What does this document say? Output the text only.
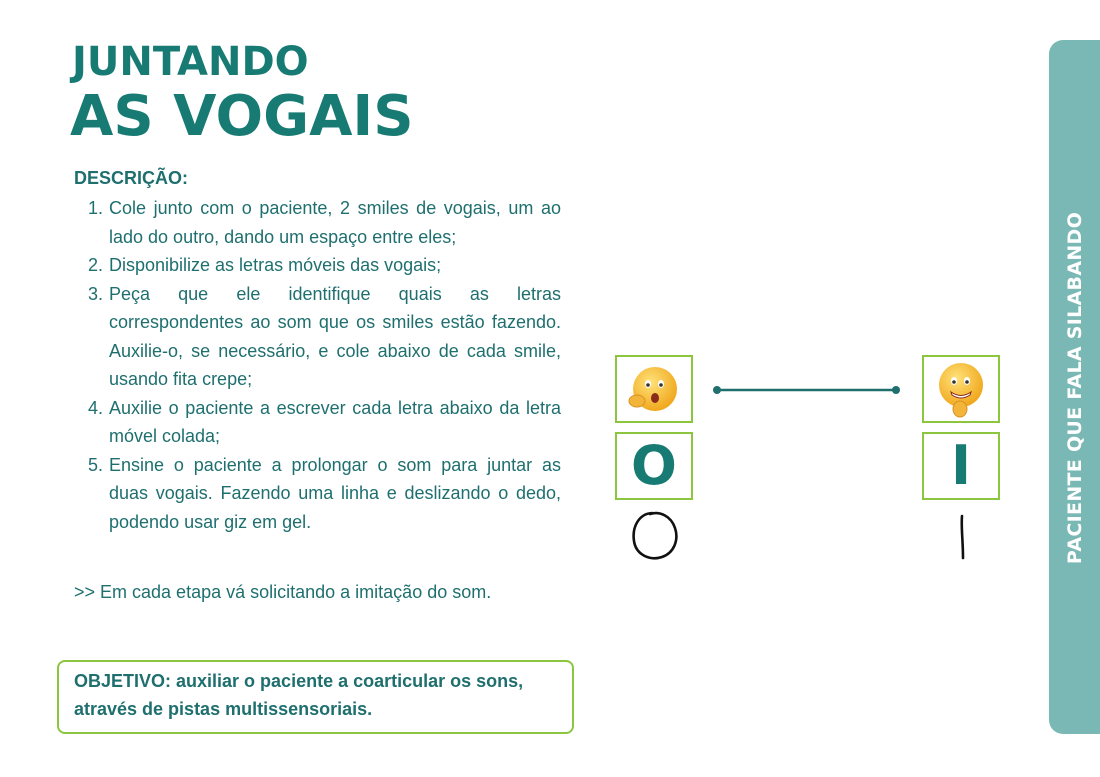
JUNTANDO
AS VOGAIS
DESCRIÇÃO:
1. Cole junto com o paciente, 2 smiles de vogais, um ao lado do outro, dando um espaço entre eles;
2. Disponibilize as letras móveis das vogais;
3. Peça que ele identifique quais as letras correspondentes ao som que os smiles estão fazendo. Auxilie-o, se necessário, e cole abaixo de cada smile, usando fita crepe;
4. Auxilie o paciente a escrever cada letra abaixo da letra móvel colada;
5. Ensine o paciente a prolongar o som para juntar as duas vogais. Fazendo uma linha e deslizando o dedo, podendo usar giz em gel.
>> Em cada etapa vá solicitando a imitação do som.
OBJETIVO: auxiliar o paciente a coarticular os sons, através de pistas multissensoriais.
O	I	PACIENTE QUE FALA SILABANDO
